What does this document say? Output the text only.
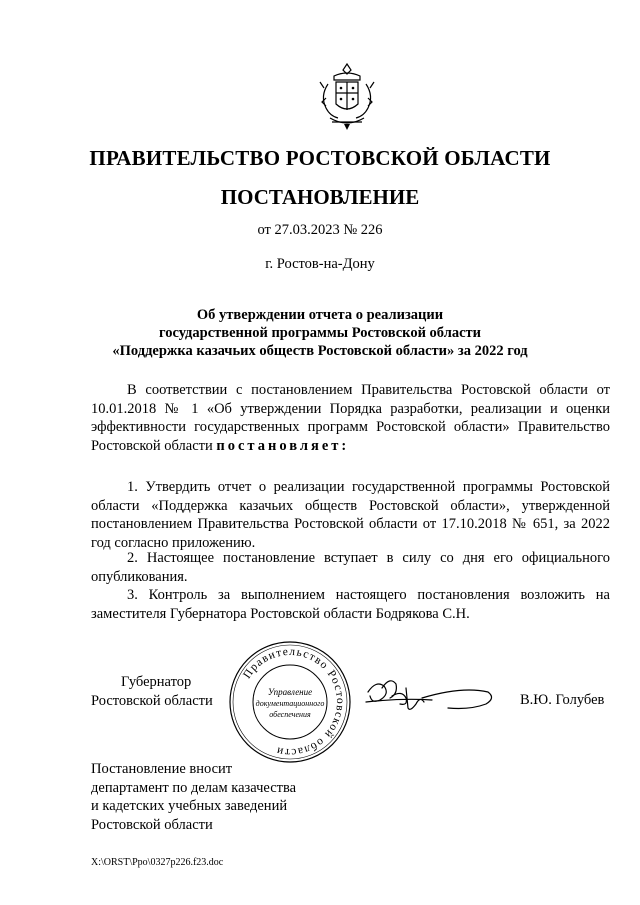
ПРАВИТЕЛЬСТВО РОСТОВСКОЙ ОБЛАСТИ
ПОСТАНОВЛЕНИЕ
от 27.03.2023 № 226
г. Ростов-на-Дону
Об утверждении отчета о реализации
государственной программы Ростовской области
«Поддержка казачьих обществ Ростовской области» за 2022 год
В соответствии с постановлением Правительства Ростовской области от 10.01.2018 № 1 «Об утверждении Порядка разработки, реализации и оценки эффективности государственных программ Ростовской области» Правительство Ростовской области постановляет:
1. Утвердить отчет о реализации государственной программы Ростовской области «Поддержка казачьих обществ Ростовской области», утвержденной постановлением Правительства Ростовской области от 17.10.2018 № 651, за 2022 год согласно приложению.
2. Настоящее постановление вступает в силу со дня его официального опубликования.
3. Контроль за выполнением настоящего постановления возложить на заместителя Губернатора Ростовской области Бодрякова С.Н.
Губернатор
Ростовской области
Правительство Ростовской области
Управление
документационного
обеспечения
В.Ю. Голубев
Постановление вносит
департамент по делам казачества
и кадетских учебных заведений
Ростовской области
X:\ORST\Ppo\0327p226.f23.doc
